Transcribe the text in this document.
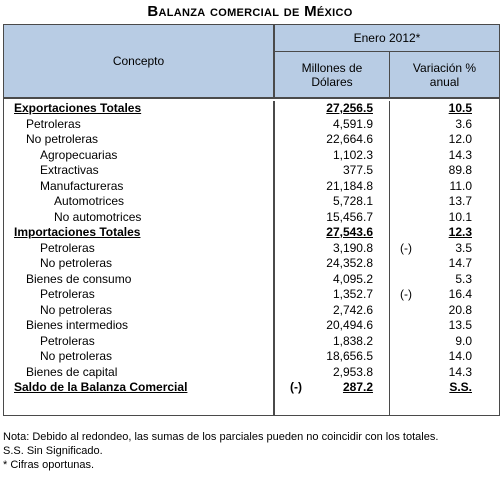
Balanza comercial de México
Concepto
Enero 2012*
Millones de
Dólares
Variación %
anual
Exportaciones Totales	27,256.5	10.5
Petroleras	4,591.9	3.6
No petroleras	22,664.6	12.0
Agropecuarias	1,102.3	14.3
Extractivas	377.5	89.8
Manufactureras	21,184.8	11.0
Automotrices	5,728.1	13.7
No automotrices	15,456.7	10.1
Importaciones Totales	27,543.6	12.3
Petroleras	3,190.8 (-)	3.5
No petroleras	24,352.8	14.7
Bienes de consumo	4,095.2	5.3
Petroleras	1,352.7 (-)	16.4
No petroleras	2,742.6	20.8
Bienes intermedios	20,494.6	13.5
Petroleras	1,838.2	9.0
No petroleras	18,656.5	14.0
Bienes de capital	2,953.8	14.3
Saldo de la Balanza Comercial	(-)	287.2	S.S.
Nota: Debido al redondeo, las sumas de los parciales pueden no coincidir con los totales.
S.S. Sin Significado.
* Cifras oportunas.
